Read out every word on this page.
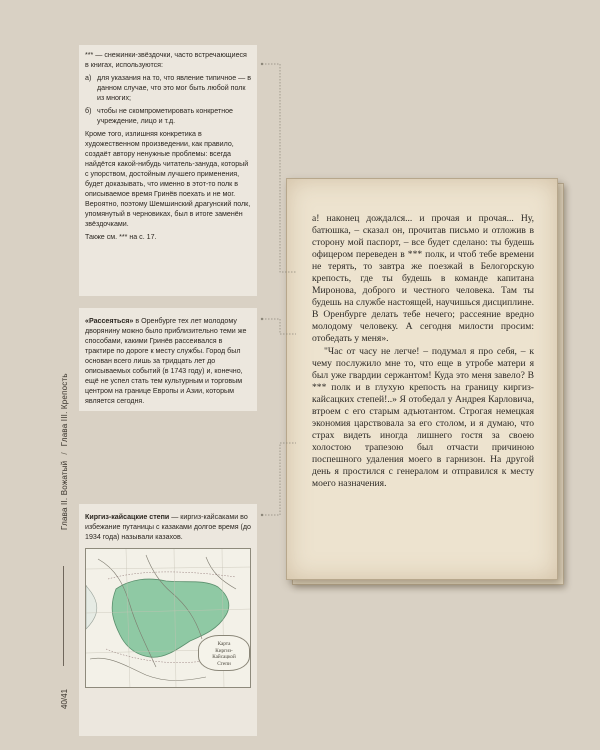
*** — снежинки-звёздочки, часто встречающиеся в книгах, используются:

а) для указания на то, что явление типичное — в данном случае, что это мог быть любой полк из многих;
б) чтобы не скомпрометировать конкретное учреждение, лицо и т.д.

Кроме того, излишняя конкретика в художественном произведении, как правило, создаёт автору ненужные проблемы: всегда найдётся какой-нибудь читатель-зануда, который с упорством, достойным лучшего применения, будет доказывать, что именно в этот-то полк в описываемое время Гринёв поехать и не мог. Вероятно, поэтому Шемшинский драгунский полк, упомянутый в черновиках, был в итоге заменён звёздочками.

Также см. *** на с. 17.

«Рассеяться» в Оренбурге тех лет молодому дворянину можно было приблизительно теми же способами, какими Гринёв рассеивался в трактире по дороге к месту службы. Город был основан всего лишь за тридцать лет до описываемых событий (в 1743 году) и, конечно, ещё не успел стать тем культурным и торговым центром на границе Европы и Азии, которым является сегодня.

Киргиз-кайсацкие степи — киргиз-кайсаками во избежание путаницы с казаками долгое время (до 1934 года) называли казахов.

Карта
Киргиз-
Кайсацкой
Степи

а! наконец дождался... и прочая и прочая... Ну, батюшка, – сказал он, прочитав письмо и отложив в сторону мой паспорт, – все будет сделано: ты будешь офицером переведен в *** полк, и чтоб тебе времени не терять, то завтра же поезжай в Белогорскую крепость, где ты будешь в команде капитана Миронова, доброго и честного человека. Там ты будешь на службе настоящей, научишься дисциплине. В Оренбурге делать тебе нечего; рассеяние вредно молодому человеку. А сегодня милости просим: отобедать у меня».

"Час от часу не легче! – подумал я про себя, – к чему послужило мне то, что еще в утробе матери я был уже гвардии сержантом! Куда это меня завело? В *** полк и в глухую крепость на границу киргиз-кайсацких степей!..» Я отобедал у Андрея Карловича, втроем с его старым адъютантом. Строгая немецкая экономия царствовала за его столом, и я думаю, что страх видеть иногда лишнего гостя за своею холостою трапезою был отчасти причиною поспешного удаления моего в гарнизон. На другой день я простился с генералом и отправился к месту моего назначения.

Глава II. Вожатый/Глава III. Крепость
40/41
